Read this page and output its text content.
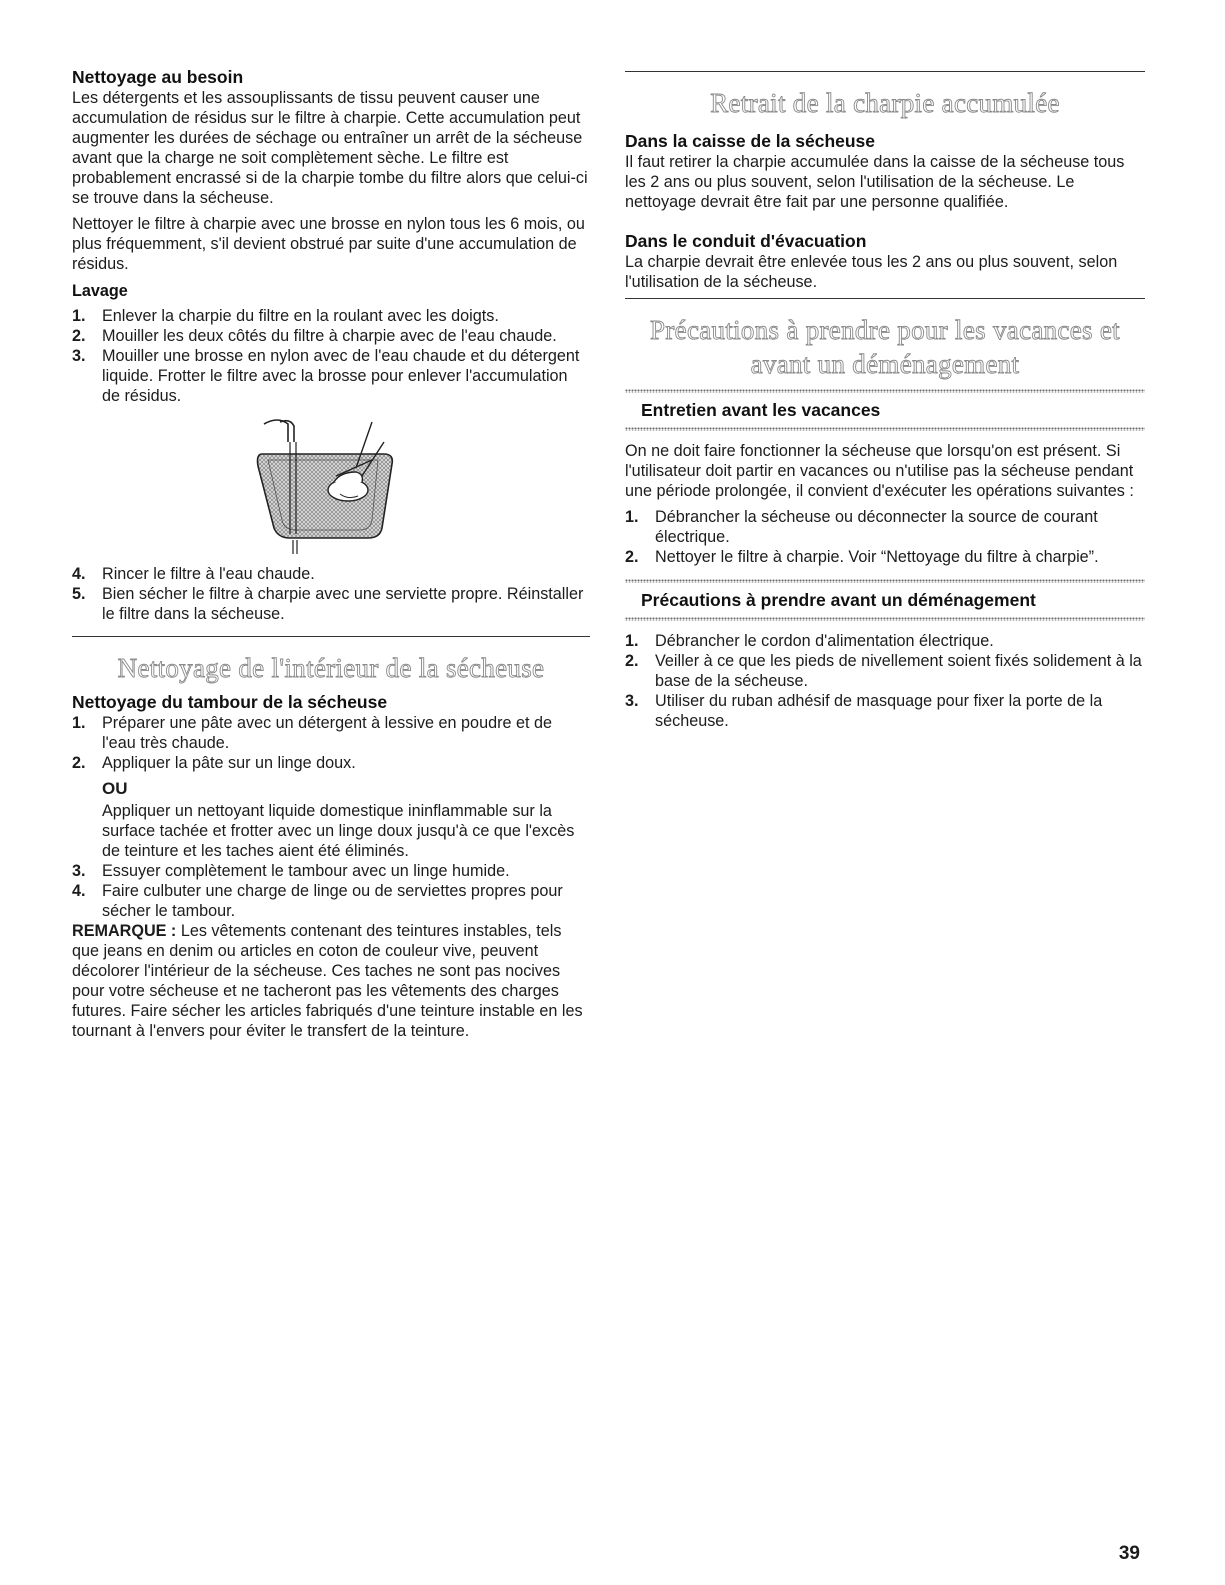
Nettoyage au besoin

Les détergents et les assouplissants de tissu peuvent causer une accumulation de résidus sur le filtre à charpie. Cette accumulation peut augmenter les durées de séchage ou entraîner un arrêt de la sécheuse avant que la charge ne soit complètement sèche. Le filtre est probablement encrassé si de la charpie tombe du filtre alors que celui-ci se trouve dans la sécheuse.

Nettoyer le filtre à charpie avec une brosse en nylon tous les 6 mois, ou plus fréquemment, s'il devient obstrué par suite d'une accumulation de résidus.

Lavage
1. Enlever la charpie du filtre en la roulant avec les doigts.
2. Mouiller les deux côtés du filtre à charpie avec de l'eau chaude.
3. Mouiller une brosse en nylon avec de l'eau chaude et du détergent liquide. Frotter le filtre avec la brosse pour enlever l'accumulation de résidus.
4. Rincer le filtre à l'eau chaude.
5. Bien sécher le filtre à charpie avec une serviette propre. Réinstaller le filtre dans la sécheuse.
Nettoyage de l'intérieur de la sécheuse
Nettoyage du tambour de la sécheuse
1. Préparer une pâte avec un détergent à lessive en poudre et de l'eau très chaude.
2. Appliquer la pâte sur un linge doux.
OU
Appliquer un nettoyant liquide domestique ininflammable sur la surface tachée et frotter avec un linge doux jusqu'à ce que l'excès de teinture et les taches aient été éliminés.
3. Essuyer complètement le tambour avec un linge humide.
4. Faire culbuter une charge de linge ou de serviettes propres pour sécher le tambour.

REMARQUE : Les vêtements contenant des teintures instables, tels que jeans en denim ou articles en coton de couleur vive, peuvent décolorer l'intérieur de la sécheuse. Ces taches ne sont pas nocives pour votre sécheuse et ne tacheront pas les vêtements des charges futures. Faire sécher les articles fabriqués d'une teinture instable en les tournant à l'envers pour éviter le transfert de la teinture.

Retrait de la charpie accumulée
Dans la caisse de la sécheuse

Il faut retirer la charpie accumulée dans la caisse de la sécheuse tous les 2 ans ou plus souvent, selon l'utilisation de la sécheuse. Le nettoyage devrait être fait par une personne qualifiée.

Dans le conduit d'évacuation

La charpie devrait être enlevée tous les 2 ans ou plus souvent, selon l'utilisation de la sécheuse.

Précautions à prendre pour les vacances et avant un déménagement
Entretien avant les vacances

On ne doit faire fonctionner la sécheuse que lorsqu'on est présent. Si l'utilisateur doit partir en vacances ou n'utilise pas la sécheuse pendant une période prolongée, il convient d'exécuter les opérations suivantes :

1. Débrancher la sécheuse ou déconnecter la source de courant électrique.
2. Nettoyer le filtre à charpie. Voir “Nettoyage du filtre à charpie”.
Précautions à prendre avant un déménagement
1. Débrancher le cordon d'alimentation électrique.
2. Veiller à ce que les pieds de nivellement soient fixés solidement à la base de la sécheuse.
3. Utiliser du ruban adhésif de masquage pour fixer la porte de la sécheuse.
39
